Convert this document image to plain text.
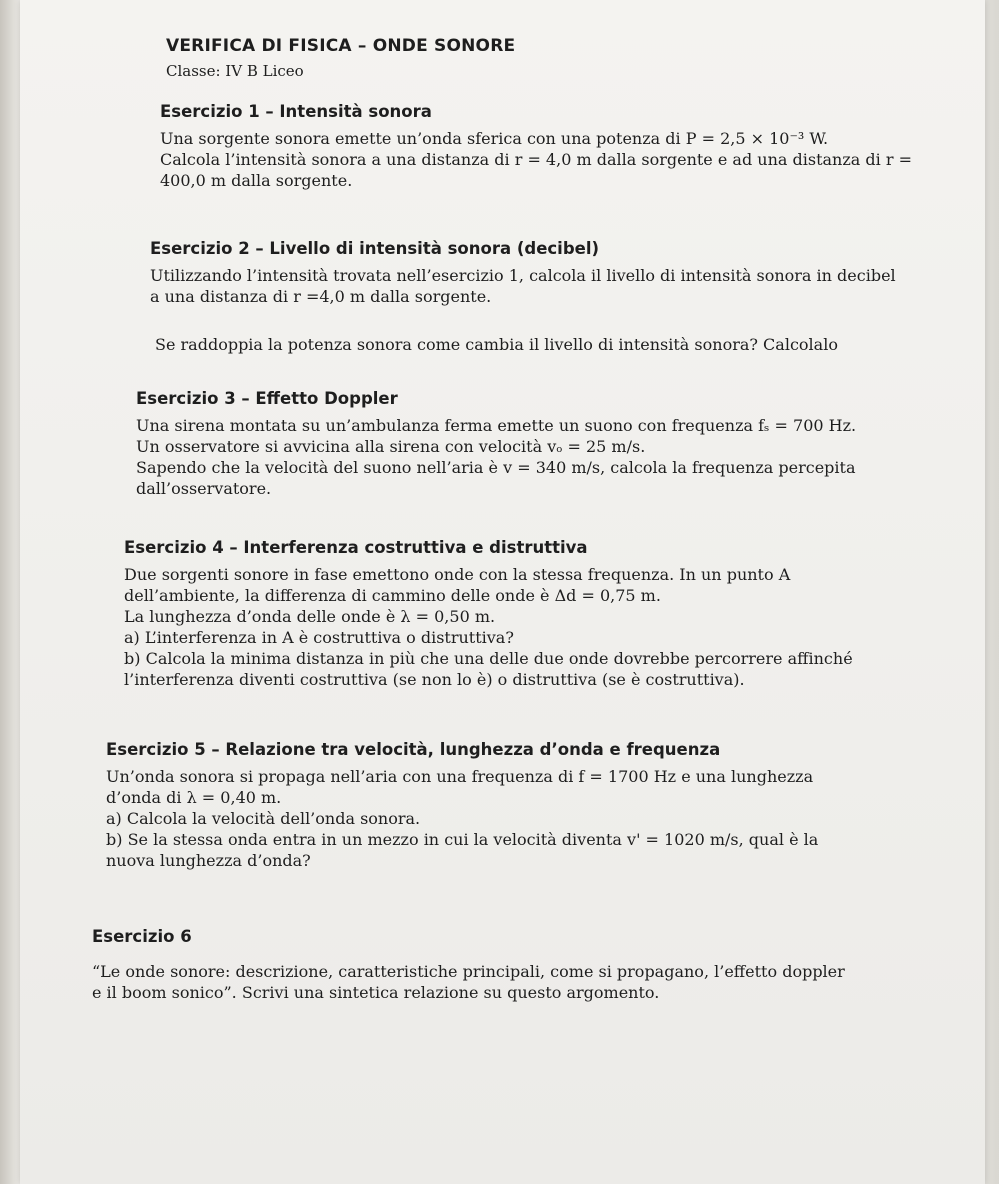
VERIFICA DI FISICA – ONDE SONORE
Classe: IV B Liceo
Esercizio 1 – Intensità sonora
Una sorgente sonora emette un’onda sferica con una potenza di P = 2,5 × 10⁻³ W.
Calcola l’intensità sonora a una distanza di r = 4,0 m dalla sorgente e ad una distanza di r =
400,0 m dalla sorgente.
Esercizio 2 – Livello di intensità sonora (decibel)
Utilizzando l’intensità trovata nell’esercizio 1, calcola il livello di intensità sonora in decibel
a una distanza di r =4,0 m dalla sorgente.
Se raddoppia la potenza sonora come cambia il livello di intensità sonora? Calcolalo
Esercizio 3 – Effetto Doppler
Una sirena montata su un’ambulanza ferma emette un suono con frequenza fₛ = 700 Hz.
Un osservatore si avvicina alla sirena con velocità vₒ = 25 m/s.
Sapendo che la velocità del suono nell’aria è v = 340 m/s, calcola la frequenza percepita
dall’osservatore.
Esercizio 4 – Interferenza costruttiva e distruttiva
Due sorgenti sonore in fase emettono onde con la stessa frequenza. In un punto A
dell’ambiente, la differenza di cammino delle onde è Δd = 0,75 m.
La lunghezza d’onda delle onde è λ = 0,50 m.
a) L’interferenza in A è costruttiva o distruttiva?
b) Calcola la minima distanza in più che una delle due onde dovrebbe percorrere affinché
l’interferenza diventi costruttiva (se non lo è) o distruttiva (se è costruttiva).
Esercizio 5 – Relazione tra velocità, lunghezza d’onda e frequenza
Un’onda sonora si propaga nell’aria con una frequenza di f = 1700 Hz e una lunghezza
d’onda di λ = 0,40 m.
a) Calcola la velocità dell’onda sonora.
b) Se la stessa onda entra in un mezzo in cui la velocità diventa v' = 1020 m/s, qual è la
nuova lunghezza d’onda?
Esercizio 6
“Le onde sonore: descrizione, caratteristiche principali, come si propagano, l’effetto doppler
e il boom sonico”. Scrivi una sintetica relazione su questo argomento.
